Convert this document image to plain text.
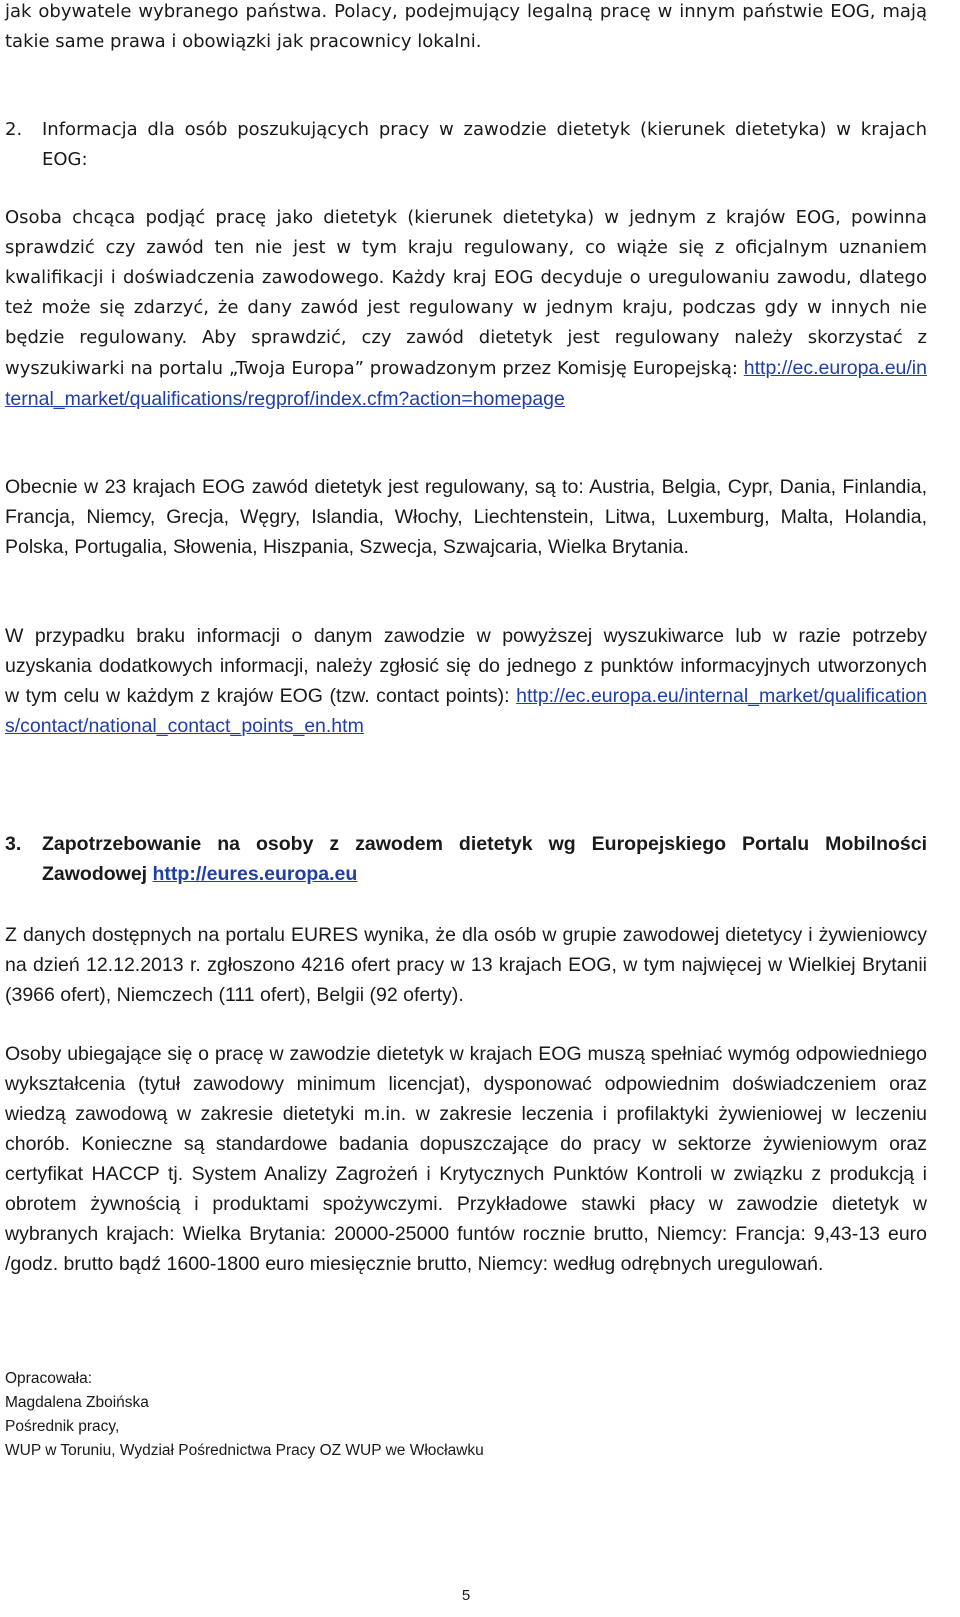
jak obywatele wybranego państwa. Polacy, podejmujący legalną pracę w innym państwie EOG, mają takie same prawa i obowiązki jak pracownicy lokalni.

2. Informacja dla osób poszukujących pracy w zawodzie dietetyk (kierunek dietetyka) w krajach EOG:

Osoba chcąca podjąć pracę jako dietetyk (kierunek dietetyka) w jednym z krajów EOG, powinna sprawdzić czy zawód ten nie jest w tym kraju regulowany, co wiąże się z oficjalnym uznaniem kwalifikacji i doświadczenia zawodowego. Każdy kraj EOG decyduje o uregulowaniu zawodu, dlatego też może się zdarzyć, że dany zawód jest regulowany w jednym kraju, podczas gdy w innych nie będzie regulowany. Aby sprawdzić, czy zawód dietetyk jest regulowany należy skorzystać z wyszukiwarki na portalu „Twoja Europa” prowadzonym przez Komisję Europejską: http://ec.europa.eu/internal_market/qualifications/regprof/index.cfm?action=homepage

Obecnie w 23 krajach EOG zawód dietetyk jest regulowany, są to: Austria, Belgia, Cypr, Dania, Finlandia, Francja, Niemcy, Grecja, Węgry, Islandia, Włochy, Liechtenstein, Litwa, Luxemburg, Malta, Holandia, Polska, Portugalia, Słowenia, Hiszpania, Szwecja, Szwajcaria, Wielka Brytania.

W przypadku braku informacji o danym zawodzie w powyższej wyszukiwarce lub w razie potrzeby uzyskania dodatkowych informacji, należy zgłosić się do jednego z punktów informacyjnych utworzonych w tym celu w każdym z krajów EOG (tzw. contact points): http://ec.europa.eu/internal_market/qualifications/contact/national_contact_points_en.htm

3. Zapotrzebowanie na osoby z zawodem dietetyk wg Europejskiego Portalu Mobilności Zawodowej http://eures.europa.eu

Z danych dostępnych na portalu EURES wynika, że dla osób w grupie zawodowej dietetycy i żywieniowcy na dzień 12.12.2013 r. zgłoszono 4216 ofert pracy w 13 krajach EOG, w tym najwięcej w Wielkiej Brytanii (3966 ofert), Niemczech (111 ofert), Belgii (92 oferty).

Osoby ubiegające się o pracę w zawodzie dietetyk w krajach EOG muszą spełniać wymóg odpowiedniego wykształcenia (tytuł zawodowy minimum licencjat), dysponować odpowiednim doświadczeniem oraz wiedzą zawodową w zakresie dietetyki m.in. w zakresie leczenia i profilaktyki żywieniowej w leczeniu chorób. Konieczne są standardowe badania dopuszczające do pracy w sektorze żywieniowym oraz certyfikat HACCP tj. System Analizy Zagrożeń i Krytycznych Punktów Kontroli w związku z produkcją i obrotem żywnością i produktami spożywczymi. Przykładowe stawki płacy w zawodzie dietetyk w wybranych krajach: Wielka Brytania: 20000-25000 funtów rocznie brutto, Niemcy: Francja: 9,43-13 euro /godz. brutto bądź 1600-1800 euro miesięcznie brutto, Niemcy: według odrębnych uregulowań.

Opracowała:
Magdalena Zboińska
Pośrednik pracy,
WUP w Toruniu, Wydział Pośrednictwa Pracy OZ WUP we Włocławku
5
